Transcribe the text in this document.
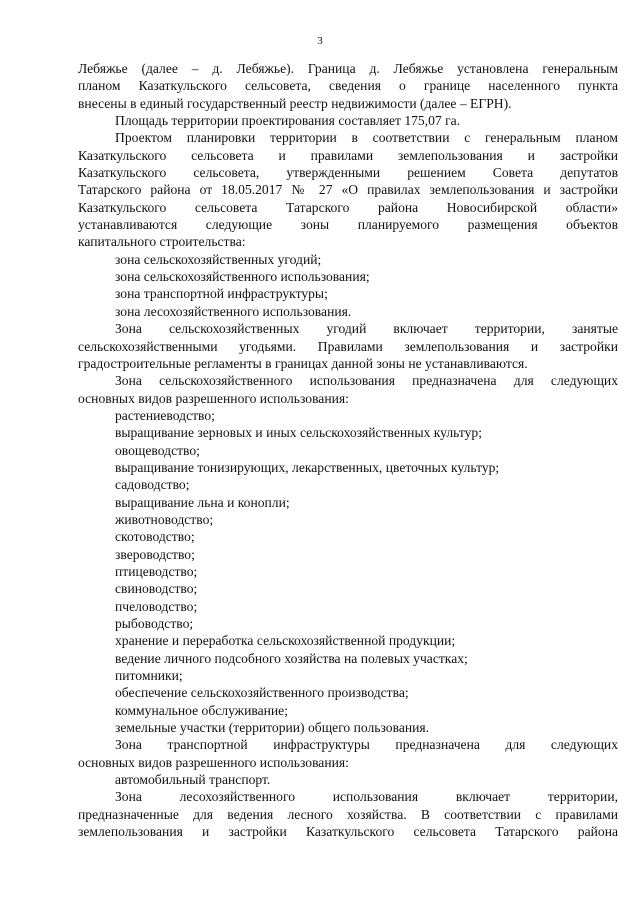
3
Лебяжье (далее – д. Лебяжье). Граница д. Лебяжье установлена генеральным
планом Казаткульского сельсовета, сведения о границе населенного пункта
внесены в единый государственный реестр недвижимости (далее – ЕГРН).
Площадь территории проектирования составляет 175,07 га.
Проектом планировки территории в соответствии с генеральным планом
Казаткульского сельсовета и правилами землепользования и застройки
Казаткульского сельсовета, утвержденными решением Совета депутатов
Татарского района от 18.05.2017 № 27 «О правилах землепользования и застройки
Казаткульского сельсовета Татарского района Новосибирской области»
устанавливаются следующие зоны планируемого размещения объектов
капитального строительства:
зона сельскохозяйственных угодий;
зона сельскохозяйственного использования;
зона транспортной инфраструктуры;
зона лесохозяйственного использования.
Зона сельскохозяйственных угодий включает территории, занятые
сельскохозяйственными угодьями. Правилами землепользования и застройки
градостроительные регламенты в границах данной зоны не устанавливаются.
Зона сельскохозяйственного использования предназначена для следующих
основных видов разрешенного использования:
растениеводство;
выращивание зерновых и иных сельскохозяйственных культур;
овощеводство;
выращивание тонизирующих, лекарственных, цветочных культур;
садоводство;
выращивание льна и конопли;
животноводство;
скотоводство;
звероводство;
птицеводство;
свиноводство;
пчеловодство;
рыбоводство;
хранение и переработка сельскохозяйственной продукции;
ведение личного подсобного хозяйства на полевых участках;
питомники;
обеспечение сельскохозяйственного производства;
коммунальное обслуживание;
земельные участки (территории) общего пользования.
Зона транспортной инфраструктуры предназначена для следующих
основных видов разрешенного использования:
автомобильный транспорт.
Зона лесохозяйственного использования включает территории,
предназначенные для ведения лесного хозяйства. В соответствии с правилами
землепользования и застройки Казаткульского сельсовета Татарского района
